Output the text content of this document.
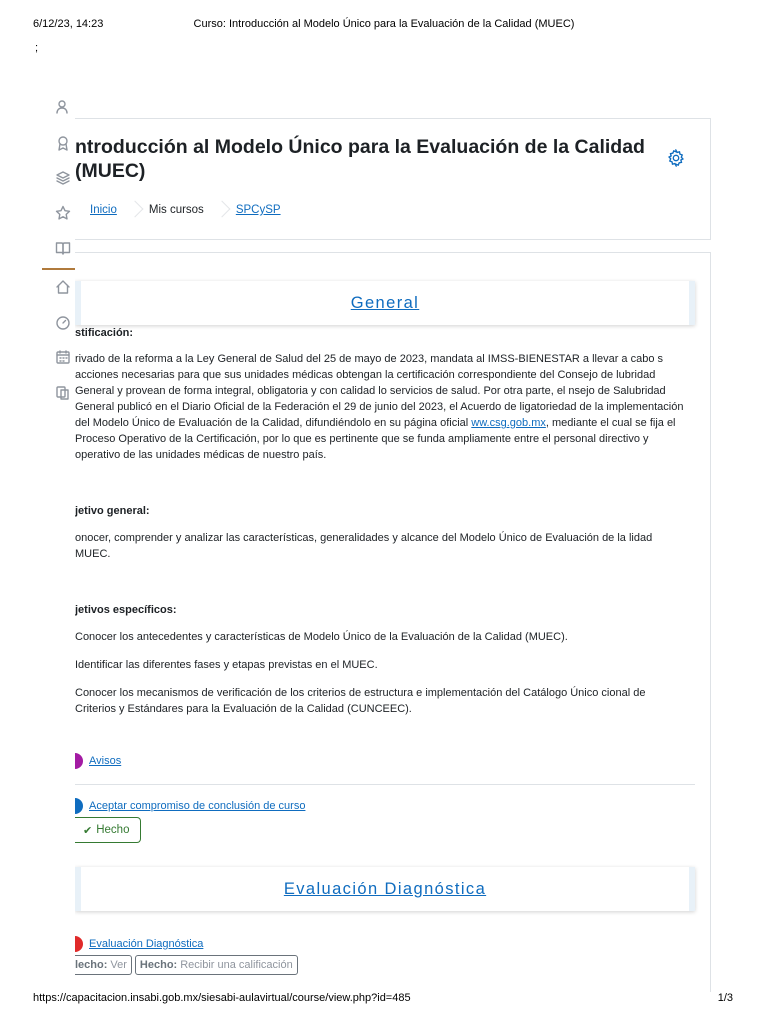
6/12/23, 14:23	Curso: Introducción al Modelo Único para la Evaluación de la Calidad (MUEC)
;
ntroducción al Modelo Único para la Evaluación de la Calidad (MUEC)
Inicio	Mis cursos	SPCySP
General
stificación:

rivado de la reforma a la Ley General de Salud del 25 de mayo de 2023, mandata al IMSS-BIENESTAR a llevar a cabo s acciones necesarias para que sus unidades médicas obtengan la certificación correspondiente del Consejo de lubridad General y provean de forma integral, obligatoria y con calidad lo servicios de salud. Por otra parte, el nsejo de Salubridad General publicó en el Diario Oficial de la Federación el 29 de junio del 2023, el Acuerdo de ligatoriedad de la implementación del Modelo Único de Evaluación de la Calidad, difundiéndolo en su página oficial ww.csg.gob.mx, mediante el cual se fija el Proceso Operativo de la Certificación, por lo que es pertinente que se funda ampliamente entre el personal directivo y operativo de las unidades médicas de nuestro país.

jetivo general:

onocer, comprender y analizar las características, generalidades y alcance del Modelo Único de Evaluación de la lidad MUEC.

jetivos específicos:

Conocer los antecedentes y características de Modelo Único de la Evaluación de la Calidad (MUEC).

Identificar las diferentes fases y etapas previstas en el MUEC.

Conocer los mecanismos de verificación de los criterios de estructura e implementación del Catálogo Único cional de Criterios y Estándares para la Evaluación de la Calidad (CUNCEEC).

Avisos
Aceptar compromiso de conclusión de curso
✔ Hecho
Evaluación Diagnóstica
Evaluación Diagnóstica
lecho: Ver Hecho: Recibir una calificación
https://capacitacion.insabi.gob.mx/siesabi-aulavirtual/course/view.php?id=485	1/3
